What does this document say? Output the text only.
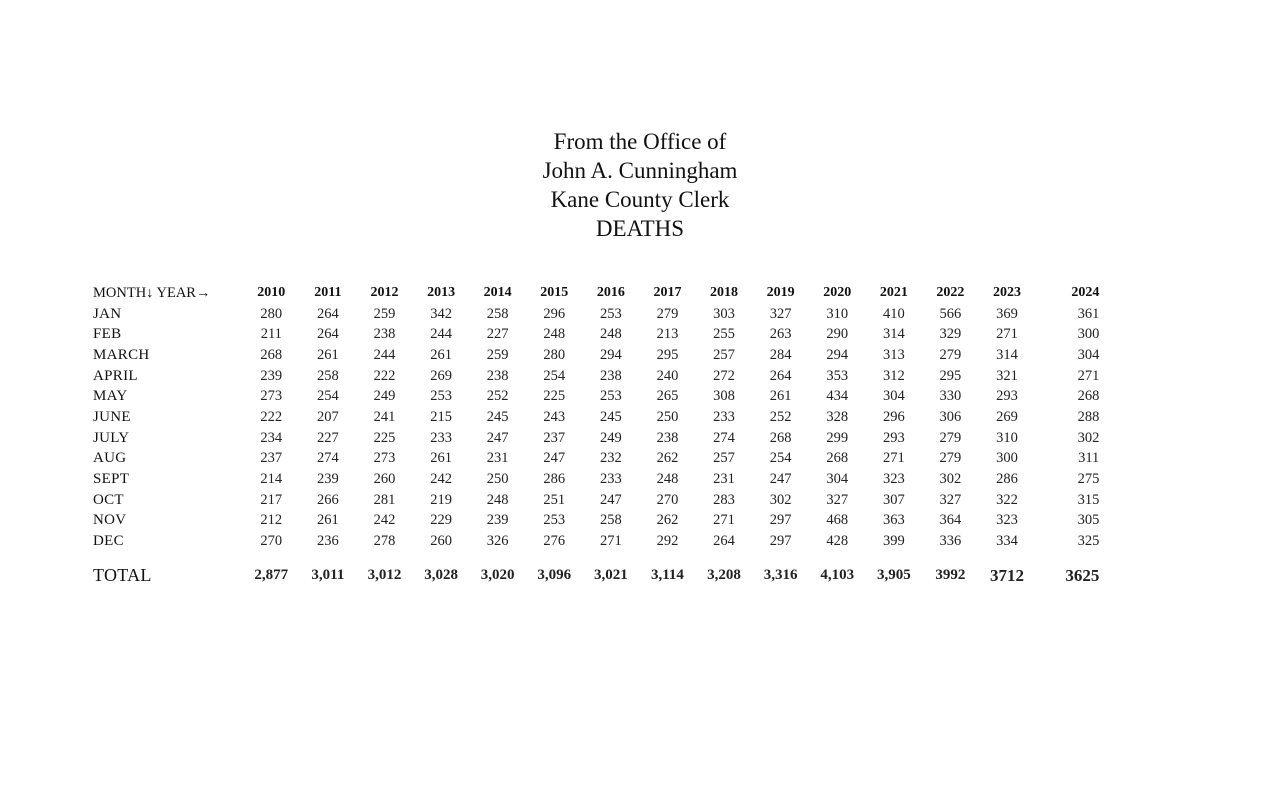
From the Office of
John A. Cunningham
Kane County Clerk
DEATHS
MONTH↓ YEAR→	2010	2011	2012	2013	2014	2015	2016	2017	2018	2019	2020	2021	2022	2023	2024
JAN	280	264	259	342	258	296	253	279	303	327	310	410	566	369	361
FEB	211	264	238	244	227	248	248	213	255	263	290	314	329	271	300
MARCH	268	261	244	261	259	280	294	295	257	284	294	313	279	314	304
APRIL	239	258	222	269	238	254	238	240	272	264	353	312	295	321	271
MAY	273	254	249	253	252	225	253	265	308	261	434	304	330	293	268
JUNE	222	207	241	215	245	243	245	250	233	252	328	296	306	269	288
JULY	234	227	225	233	247	237	249	238	274	268	299	293	279	310	302
AUG	237	274	273	261	231	247	232	262	257	254	268	271	279	300	311
SEPT	214	239	260	242	250	286	233	248	231	247	304	323	302	286	275
OCT	217	266	281	219	248	251	247	270	283	302	327	307	327	322	315
NOV	212	261	242	229	239	253	258	262	271	297	468	363	364	323	305
DEC	270	236	278	260	326	276	271	292	264	297	428	399	336	334	325
TOTAL	2,877	3,011	3,012	3,028	3,020	3,096	3,021	3,114	3,208	3,316	4,103	3,905	3992	3712	3625
